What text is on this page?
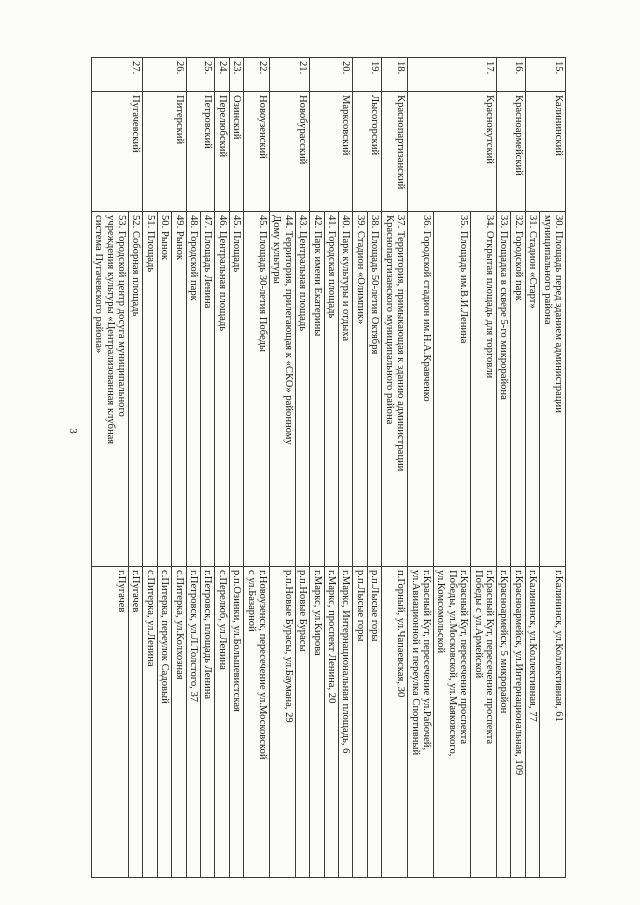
3
15.	Калининский	30. Площадь перед зданием администрации
муниципального района	г.Калининск, ул.Коллективная, 61

		31. Стадион «Старт»	г.Калининск, ул.Коллективная, 77

16.	Красноармейский	32. Городской парк	г.Красноармейск, ул.Интернациональная, 109

		33. Площадка в сквере 5-го микрорайона	г.Красноармейск, 5 микрорайон

17.	Краснокутский	34. Открытая площадь для торговли	г.Красный Кут, пересечение проспекта
Победы с ул.Армейской

		35. Площадь им.В.И.Ленина	г.Красный Кут, пересечение проспекта
Победы, ул.Московской, ул.Маяковского,
ул.Комсомольской

		36. Городской стадион им.Н.А.Кравченко	г.Красный Кут, пересечение ул.Рабочей,
ул.Авиационной и переулка Спортивный

18.	Краснопартизанский	37. Территория, примыкающая к зданию администрации
Краснопартизанского муниципального района	п.Горный, ул.Чапаевская, 30

19.	Лысогорский	38. Площадь 50-летия Октября	р.п.Лысые горы

		39. Стадион «Олимпик»	р.п.Лысые горы

20.	Марксовский	40. Парк культуры и отдыха	г.Маркс, Интернациональная площадь, 6

		41. Городская площадь	г.Маркс, проспект Ленина, 20

		42. Парк имени Екатерины	г.Маркс, ул.Кирова

21.	Новобурасский	43. Центральная площадь	р.п.Новые Бурасы

		44. Территория, прилегающая к «СКО» районному
Дому культуры	р.п.Новые Бурасы, ул.Баумана, 29

22.	Новоузенский	45. Площадь 30-летия Победы	г.Новоузенск, пересечение ул.Московской
с ул.Базарной

23.	Озинский	45. Площадь	р.п.Озинки, ул.Большевистская

24.	Перелюбский	46. Центральная площадь	с.Перелюб, ул.Ленина

25.	Петровский	47. Площадь Ленина	г.Петровск, площадь Ленина

		48. Городской парк	г.Петровск, ул.Л.Толстого, 37

26.	Питерский	49. Рынок	с.Питерка, ул.Колхозная

		50. Рынок	с.Питерка, переулок Садовый

		51. Площадь	с.Питерка, ул.Ленина

27.	Пугачевский	52. Соборная площадь	г.Пугачев

		53. Городской центр досуга муниципального
учреждения культуры «Централизованная клубная
система Пугачевского района»	г.Пугачев
